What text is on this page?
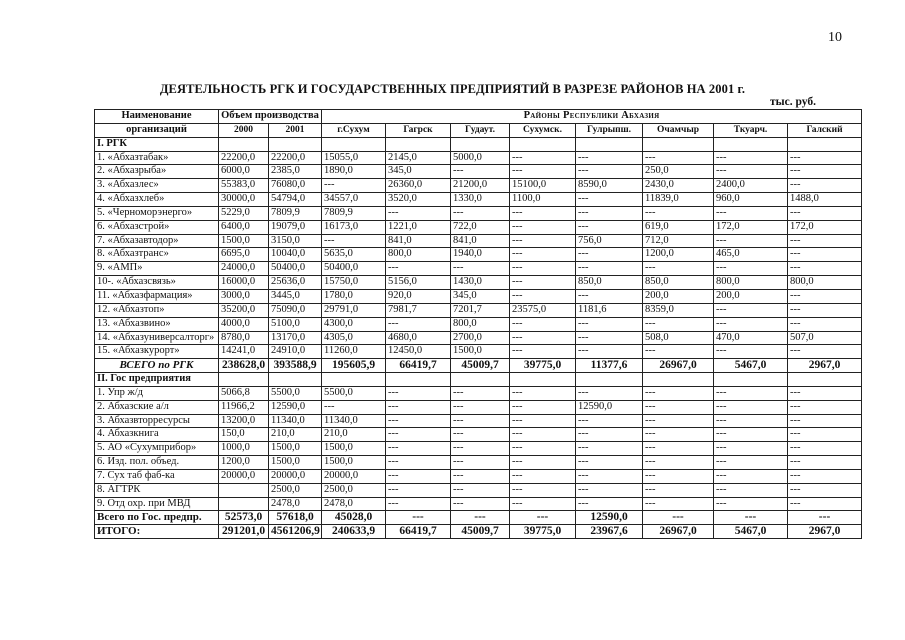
10
ДЕЯТЕЛЬНОСТЬ РГК И ГОСУДАРСТВЕННЫХ ПРЕДПРИЯТИЙ В РАЗРЕЗЕ РАЙОНОВ НА 2001 г.
тыс. руб.
Наименование	Объем производства		Районы Республики Абхазия							
организаций	2000	2001	г.Сухум	Гагрск	Гудаут.	Сухумск.	Гулрыпш.	Очамчыр	Ткуарч.	Галский
I. РГК										
1. «Абхазтабак»	22200,0	22200,0	15055,0	2145,0	5000,0	---	---	---	---	---
2. «Абхазрыба»	6000,0	2385,0	1890,0	345,0	---	---	---	250,0	---	---
3. «Абхазлес»	55383,0	76080,0	---	26360,0	21200,0	15100,0	8590,0	2430,0	2400,0	---
4. «Абхазхлеб»	30000,0	54794,0	34557,0	3520,0	1330,0	1100,0	---	11839,0	960,0	1488,0
5. «Черноморэнерго»	5229,0	7809,9	7809,9	---	---	---	---	---	---	---
6. «Абхазстрой»	6400,0	19079,0	16173,0	1221,0	722,0	---	---	619,0	172,0	172,0
7. «Абхазавтодор»	1500,0	3150,0	---	841,0	841,0	---	756,0	712,0	---	---
8. «Абхазтранс»	6695,0	10040,0	5635,0	800,0	1940,0	---	---	1200,0	465,0	---
9. «АМП»	24000,0	50400,0	50400,0	---	---	---	---	---	---	---
10-. «Абхазсвязь»	16000,0	25636,0	15750,0	5156,0	1430,0	---	850,0	850,0	800,0	800,0
11. «Абхазфармация»	3000,0	3445,0	1780,0	920,0	345,0	---	---	200,0	200,0	---
12. «Абхазтоп»	35200,0	75090,0	29791,0	7981,7	7201,7	23575,0	1181,6	8359,0	---	---
13. «Абхазвино»	4000,0	5100,0	4300,0	---	800,0	---	---	---	---	---
14. «Абхазуниверсалторг»	8780,0	13170,0	4305,0	4680,0	2700,0	---	---	508,0	470,0	507,0
15. «Абхазкурорт»	14241,0	24910,0	11260,0	12450,0	1500,0	---	---	---	---	---
ВСЕГО по РГК	238628,0	393588,9	195605,9	66419,7	45009,7	39775,0	11377,6	26967,0	5467,0	2967,0
II. Гос предприятия										
1. Упр ж/д	5066,8	5500,0	5500,0	---	---	---	---	---	---	---
2. Абхазские а/л	11966,2	12590,0	---	---	---	---	12590,0	---	---	---
3. Абхазвторресурсы	13200,0	11340,0	11340,0	---	---	---	---	---	---	---
4. Абхазкнига	150,0	210,0	210,0	---	---	---	---	---	---	---
5. АО «Сухумприбор»	1000,0	1500,0	1500,0	---	---	---	---	---	---	---
6. Изд. пол. объед.	1200,0	1500,0	1500,0	---	---	---	---	---	---	---
7. Сух таб фаб-ка	20000,0	20000,0	20000,0	---	---	---	---	---	---	---
8. АГТРК		2500,0	2500,0	---	---	---	---	---	---	---
9. Отд охр. при МВД		2478,0	2478,0	---	---	---	---	---	---	---
Всего по Гос. предпр.	52573,0	57618,0	45028,0	---	---	---	12590,0	---	---	---
ИТОГО:	291201,0	4561206,9	240633,9	66419,7	45009,7	39775,0	23967,6	26967,0	5467,0	2967,0
